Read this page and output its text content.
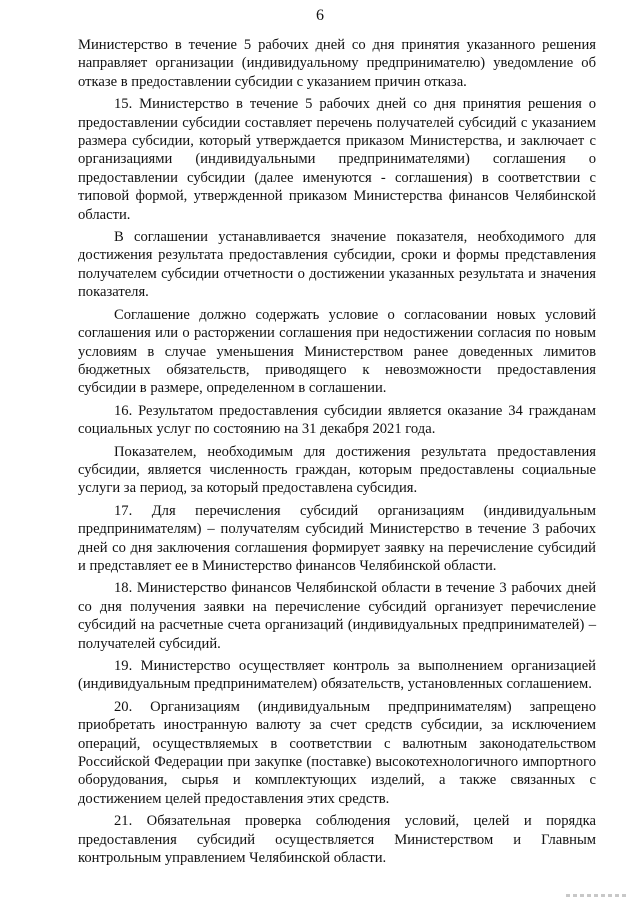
6

Министерство в течение 5 рабочих дней со дня принятия указанного решения направляет организации (индивидуальному предпринимателю) уведомление об отказе в предоставлении субсидии с указанием причин отказа.

15. Министерство в течение 5 рабочих дней со дня принятия решения о предоставлении субсидии составляет перечень получателей субсидий с указанием размера субсидии, который утверждается приказом Министерства, и заключает с организациями (индивидуальными предпринимателями) соглашения о предоставлении субсидии (далее именуются - соглашения) в соответствии с типовой формой, утвержденной приказом Министерства финансов Челябинской области.

В соглашении устанавливается значение показателя, необходимого для достижения результата предоставления субсидии, сроки и формы представления получателем субсидии отчетности о достижении указанных результата и значения показателя.

Соглашение должно содержать условие о согласовании новых условий соглашения или о расторжении соглашения при недостижении согласия по новым условиям в случае уменьшения Министерством ранее доведенных лимитов бюджетных обязательств, приводящего к невозможности предоставления субсидии в размере, определенном в соглашении.

16. Результатом предоставления субсидии является оказание 34 гражданам социальных услуг по состоянию на 31 декабря 2021 года.

Показателем, необходимым для достижения результата предоставления субсидии, является численность граждан, которым предоставлены социальные услуги за период, за который предоставлена субсидия.

17. Для перечисления субсидий организациям (индивидуальным предпринимателям) – получателям субсидий Министерство в течение 3 рабочих дней со дня заключения соглашения формирует заявку на перечисление субсидий и представляет ее в Министерство финансов Челябинской области.

18. Министерство финансов Челябинской области в течение 3 рабочих дней со дня получения заявки на перечисление субсидий организует перечисление субсидий на расчетные счета организаций (индивидуальных предпринимателей) – получателей субсидий.

19. Министерство осуществляет контроль за выполнением организацией (индивидуальным предпринимателем) обязательств, установленных соглашением.

20. Организациям (индивидуальным предпринимателям) запрещено приобретать иностранную валюту за счет средств субсидии, за исключением операций, осуществляемых в соответствии с валютным законодательством Российской Федерации при закупке (поставке) высокотехнологичного импортного оборудования, сырья и комплектующих изделий, а также связанных с достижением целей предоставления этих средств.

21. Обязательная проверка соблюдения условий, целей и порядка предоставления субсидий осуществляется Министерством и Главным контрольным управлением Челябинской области.
